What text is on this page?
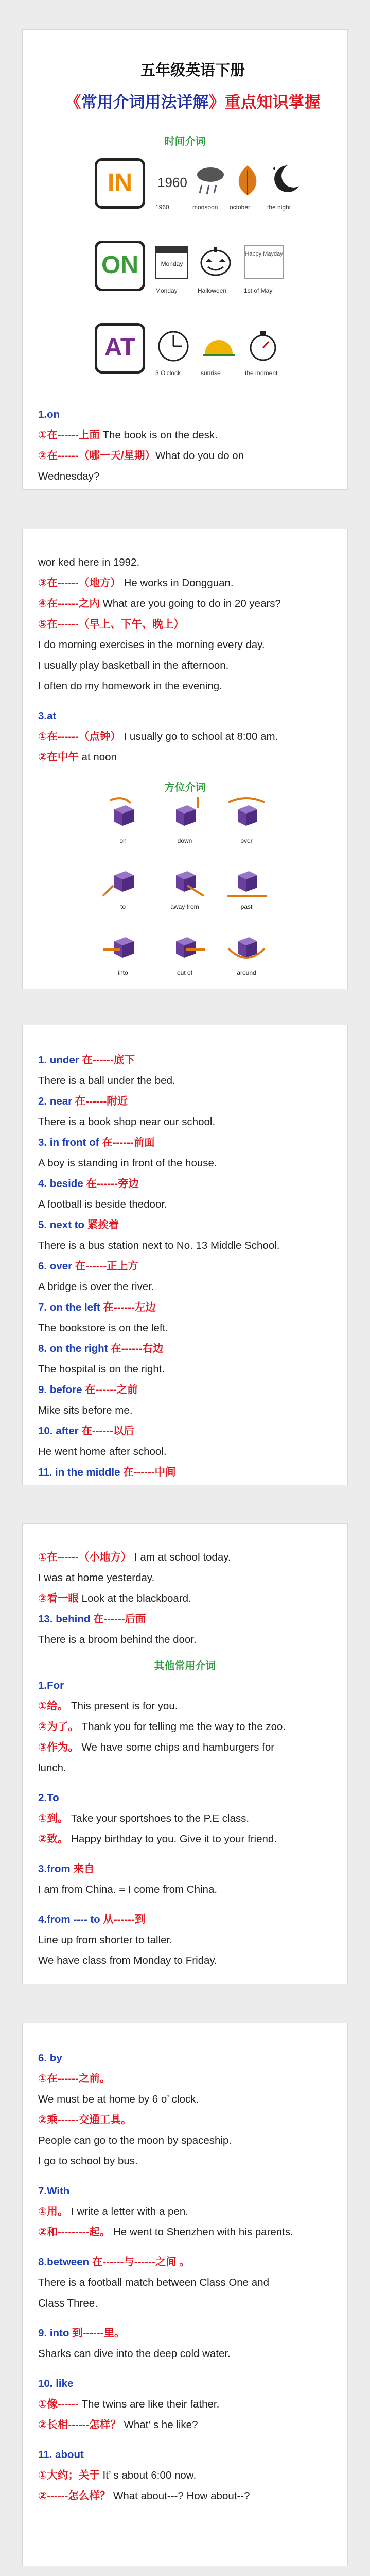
五年级英语下册
《常用介词用法详解》重点知识掌握
时间介词
IN	1960
1960	monsoon october	the night
ON	Monday
Happy Mayday
Monday	Halloween	1st of May
AT
3 O'clock	sunrise	the moment
1.on
①在------上面 The book is on the desk.
②在------（哪一天/星期）What do you do on
Wednesday?
wor ked here in 1992.
③在------（地方） He works in Dongguan.
④在------之内 What are you going to do in 20 years?
⑤在------（早上、下午、晚上）
I do morning exercises in the morning every day.
I usually play basketball in the afternoon.
I often do my homework in the evening.
3.at
①在------（点钟） I usually go to school at 8:00 am.
②在中午 at noon
方位介词
on	down	over
to	away from	past
into	out of	around
1. under 在------底下
There is a ball under the bed.
2. near 在------附近
There is a book shop near our school.
3. in front of 在------前面
A boy is standing in front of the house.
4. beside 在------旁边
A football is beside thedoor.
5. next to 紧挨着
There is a bus station next to No. 13 Middle School.
6. over 在------正上方
A bridge is over the river.
7. on the left 在------左边
The bookstore is on the left.
8. on the right 在------右边
The hospital is on the right.
9. before 在------之前
Mike sits before me.
10. after 在------以后
He went home after school.
11. in the middle 在------中间
①在------（小地方） I am at school today.
I was at home yesterday.
②看一眼 Look at the blackboard.
13. behind 在------后面
There is a broom behind the door.
其他常用介词
1.For
①给。 This present is for you.
②为了。 Thank you for telling me the way to the zoo.
③作为。 We have some chips and hamburgers for
lunch.
2.To
①到。 Take your sportshoes to the P.E class.
②致。 Happy birthday to you. Give it to your friend.
3.from 来自
I am from China. = I come from China.
4.from ---- to 从------到
Line up from shorter to taller.
We have class from Monday to Friday.
6. by
①在------之前。
We must be at home by 6 o’ clock.
②乘------交通工具。
People can go to the moon by spaceship.
I go to school by bus.
7.With
①用。 I write a letter with a pen.
②和---------起。 He went to Shenzhen with his parents.
8.between 在------与------之间 。
There is a football match between Class One and
Class Three.
9. into 到------里。
Sharks can dive into the deep cold water.
10. like
①像------ The twins are like their father.
②长相------怎样？ What’ s he like?
11. about
①大约；关于 It’ s about 6:00 now.
②------怎么样？ What about---? How about--?
